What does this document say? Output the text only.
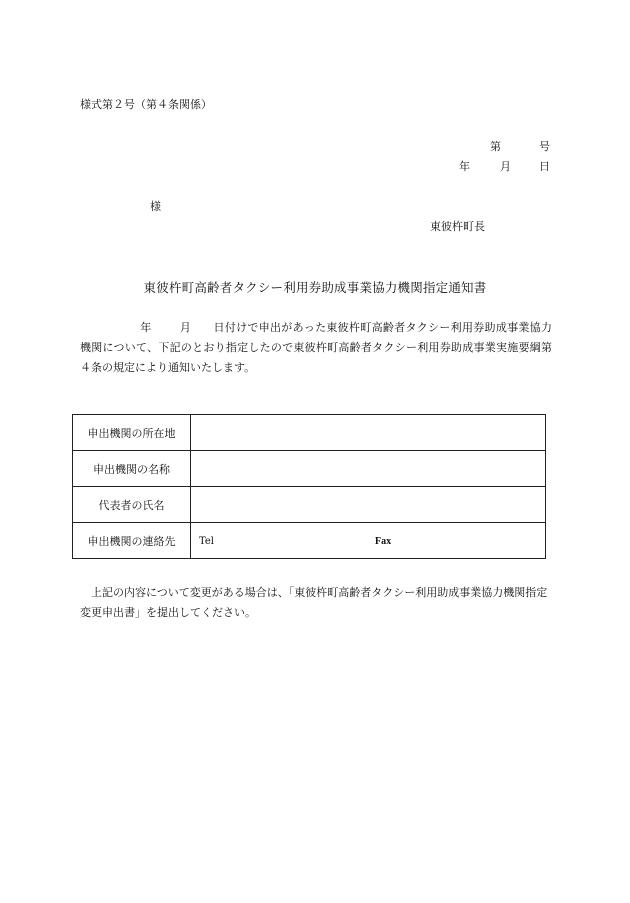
様式第２号（第４条関係）
第	号
年	月	日
様
東彼杵町長
東彼杵町高齢者タクシー利用券助成事業協力機関指定通知書
年	月 日付けで申出があった東彼杵町高齢者タクシー利用券助成事業協力機関について、下記のとおり指定したので東彼杵町高齢者タクシー利用券助成事業実施要綱第４条の規定により通知いたします。
申出機関の所在地	
申出機関の名称	
代表者の氏名	
申出機関の連絡先	Tel Fax
上記の内容について変更がある場合は、「東彼杵町高齢者タクシー利用助成事業協力機関指定変更申出書」を提出してください。
